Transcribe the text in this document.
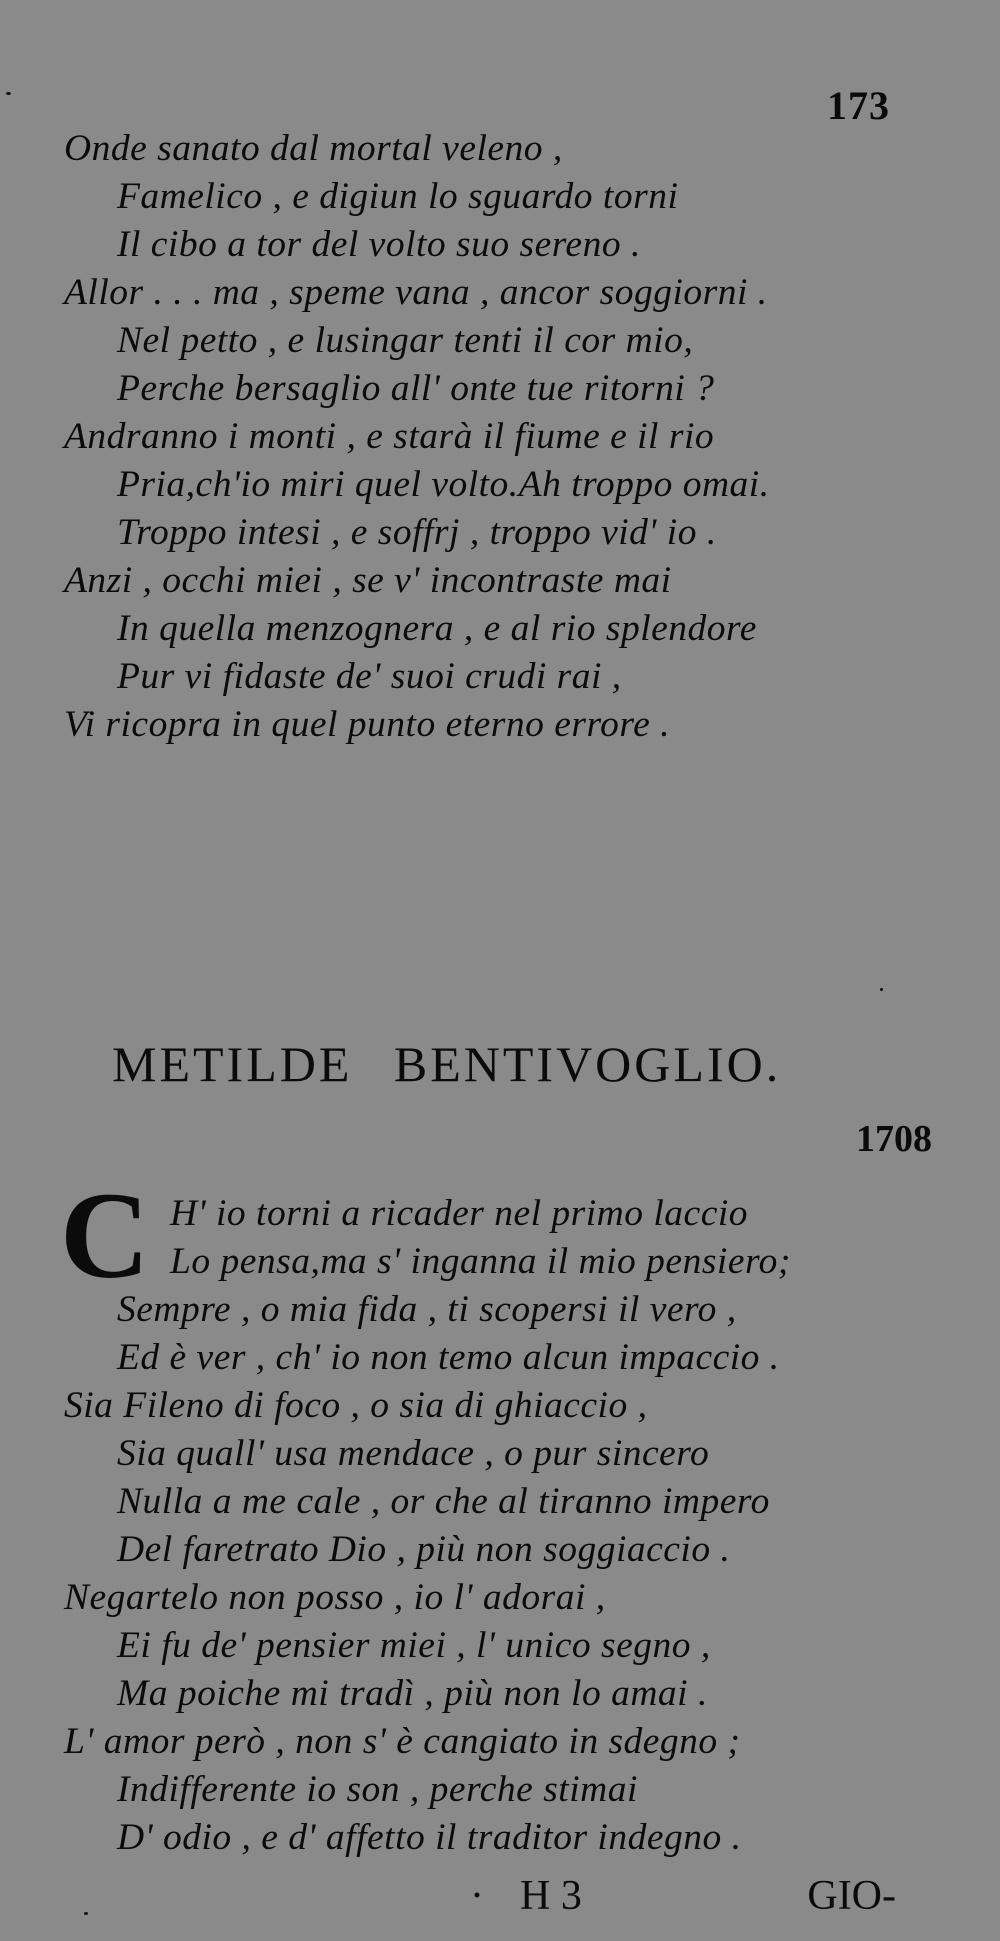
173
Onde sanato dal mortal veleno ,
Famelico , e digiun lo sguardo torni
Il cibo a tor del volto suo sereno .
Allor . . . ma , speme vana , ancor soggiorni .
Nel petto , e lusingar tenti il cor mio,
Perche bersaglio all' onte tue ritorni ?
Andranno i monti , e starà il fiume e il rio
Pria,ch'io miri quel volto.Ah troppo omai.
Troppo intesi , e soffrj , troppo vid' io .
Anzi , occhi miei , se v' incontraste mai
In quella menzognera , e al rio splendore
Pur vi fidaste de' suoi crudi rai ,
Vi ricopra in quel punto eterno errore .
METILDE BENTIVOGLIO.
1708
C H' io torni a ricader nel primo laccio
Lo pensa,ma s' inganna il mio pensiero;
Sempre , o mia fida , ti scopersi il vero ,
Ed è ver , ch' io non temo alcun impaccio .
Sia Fileno di foco , o sia di ghiaccio ,
Sia quall' usa mendace , o pur sincero
Nulla a me cale , or che al tiranno impero
Del faretrato Dio , più non soggiaccio .
Negartelo non posso , io l' adorai ,
Ei fu de' pensier miei , l' unico segno ,
Ma poiche mi tradì , più non lo amai .
L' amor però , non s' è cangiato in sdegno ;
Indifferente io son , perche stimai
D' odio , e d' affetto il traditor indegno .
· H 3	GIO-
